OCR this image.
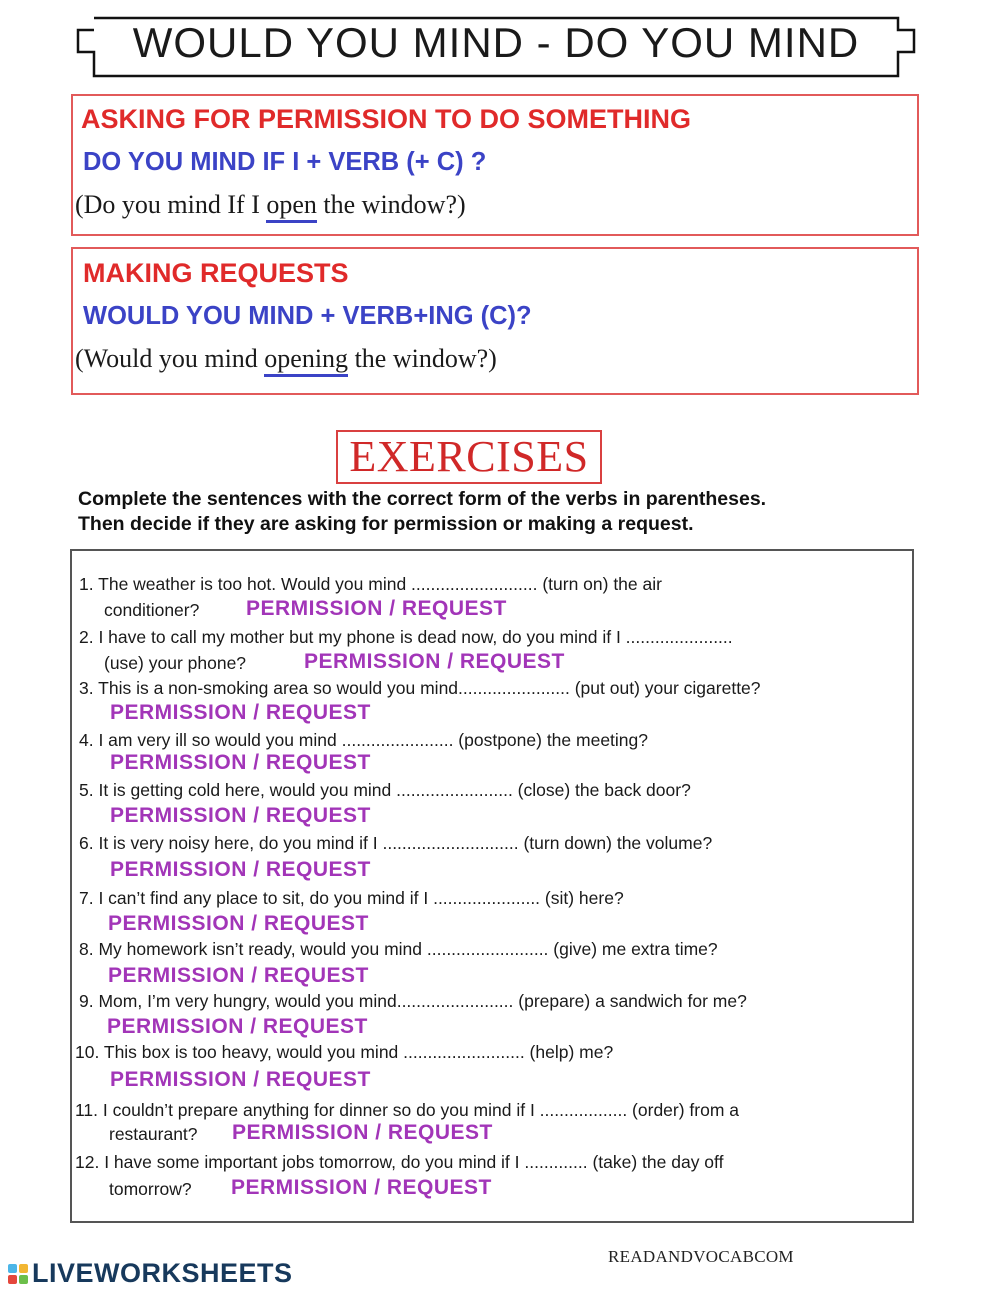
WOULD YOU MIND - DO YOU MIND
ASKING FOR PERMISSION TO DO SOMETHING
DO YOU MIND IF I + VERB (+ C) ?
(Do you mind If I open the window?)
MAKING REQUESTS
WOULD YOU MIND + VERB+ING (C)?
(Would you mind opening the window?)
EXERCISES
Complete the sentences with the correct form of the verbs in parentheses.
Then decide if they are asking for permission or making a request.
1. The weather is too hot. Would you mind .......................... (turn on) the air
conditioner? PERMISSION / REQUEST
2. I have to call my mother but my phone is dead now, do you mind if I ......................
(use) your phone?	PERMISSION / REQUEST
3. This is a non-smoking area so would you mind....................... (put out) your cigarette?
PERMISSION / REQUEST
4. I am very ill so would you mind ....................... (postpone) the meeting?
PERMISSION / REQUEST
5. It is getting cold here, would you mind ........................ (close) the back door?
PERMISSION / REQUEST
6. It is very noisy here, do you mind if I ............................ (turn down) the volume?
PERMISSION / REQUEST
7. I can’t find any place to sit, do you mind if I ...................... (sit) here?
PERMISSION / REQUEST
8. My homework isn’t ready, would you mind ......................... (give) me extra time?
PERMISSION / REQUEST
9. Mom, I’m very hungry, would you mind........................ (prepare) a sandwich for me?
PERMISSION / REQUEST
10. This box is too heavy, would you mind ......................... (help) me?
PERMISSION / REQUEST
11. I couldn’t prepare anything for dinner so do you mind if I .................. (order) from a
restaurant? PERMISSION / REQUEST
12. I have some important jobs tomorrow, do you mind if I ............. (take) the day off
tomorrow? PERMISSION / REQUEST
LIVEWORKSHEETS
READANDVOCABCOM
